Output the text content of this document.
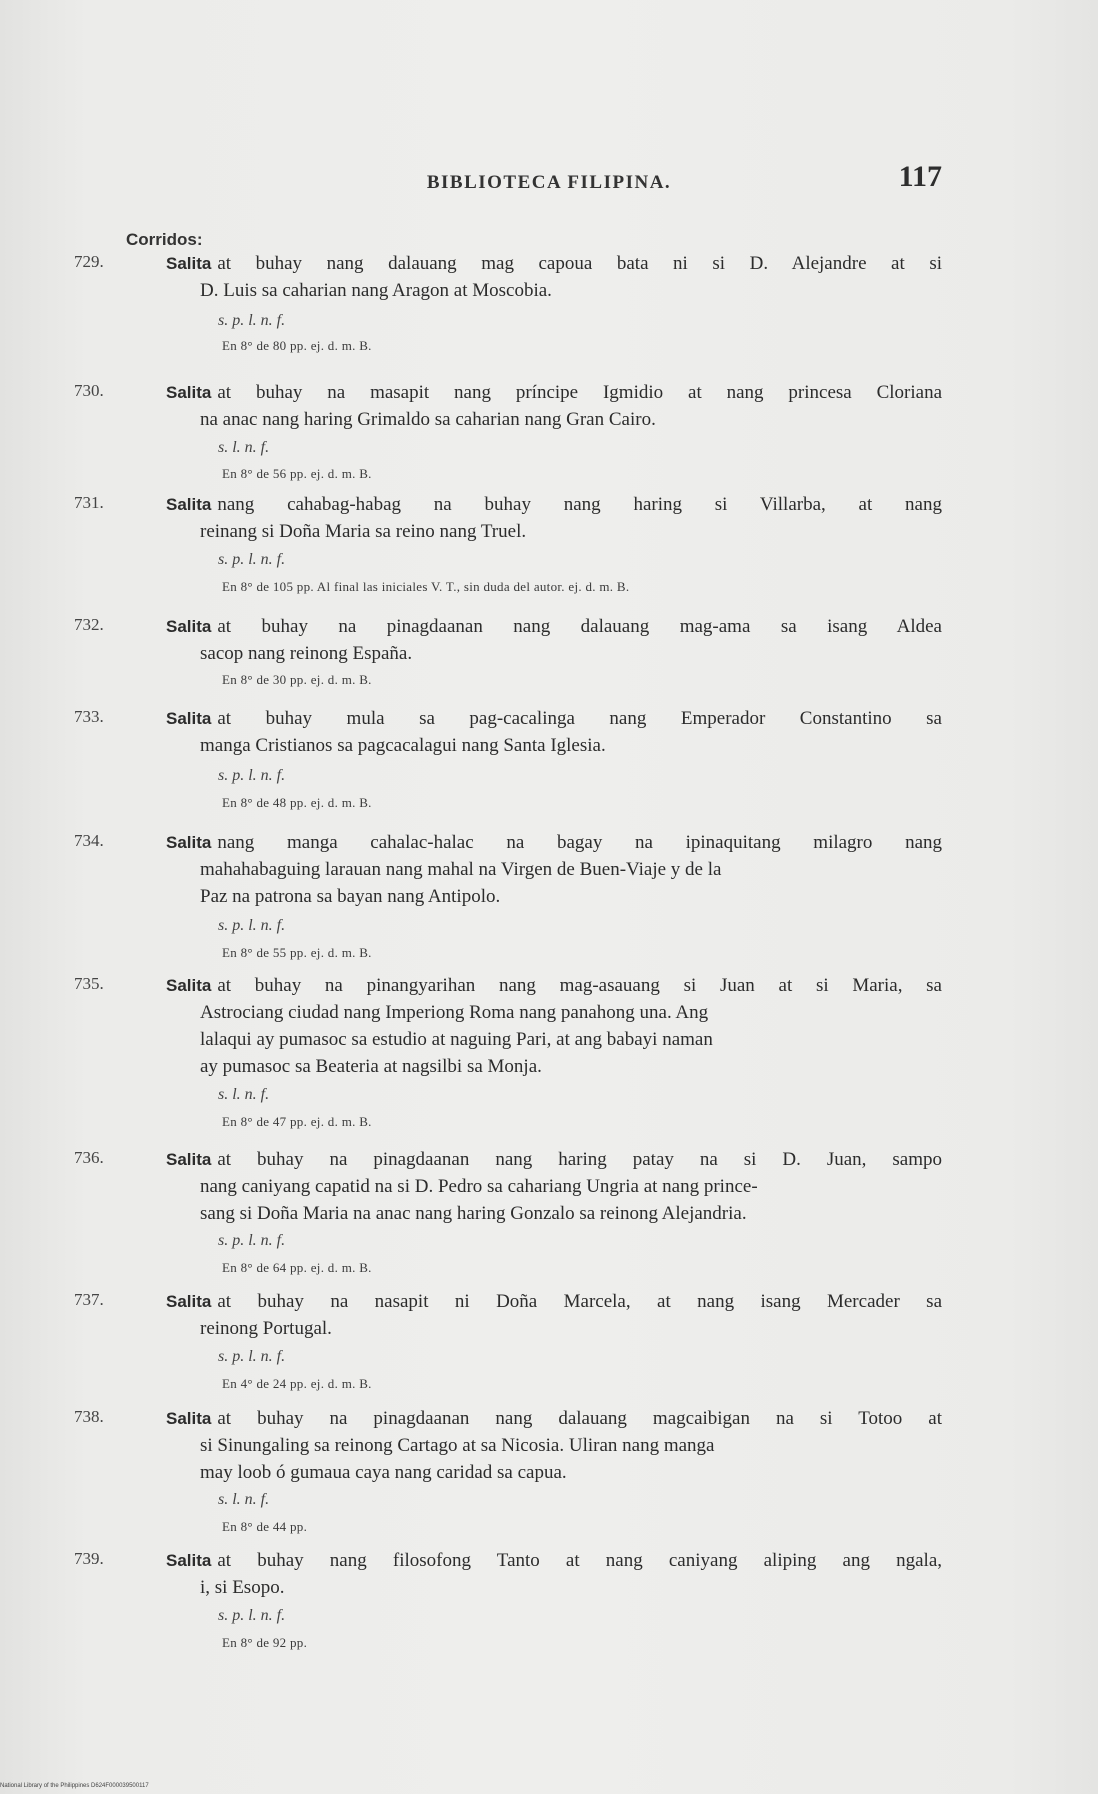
BIBLIOTECA FILIPINA.	117
Corridos:
729.	Salita at buhay nang dalauang mag capoua bata ni si D. Alejandre at si
D. Luis sa caharian nang Aragon at Moscobia.
s. p. l. n. f.
En 8° de 80 pp. ej. d. m. B.
730.	Salita at buhay na masapit nang príncipe Igmidio at nang princesa Cloriana
na anac nang haring Grimaldo sa caharian nang Gran Cairo.
s. l. n. f.
En 8° de 56 pp. ej. d. m. B.
731.	Salita nang cahabag-habag na buhay nang haring si Villarba, at nang
reinang si Doña Maria sa reino nang Truel.
s. p. l. n. f.
En 8° de 105 pp. Al final las iniciales V. T., sin duda del autor. ej. d. m. B.
732.	Salita at buhay na pinagdaanan nang dalauang mag-ama sa isang Aldea
sacop nang reinong España.
En 8° de 30 pp. ej. d. m. B.
733.	Salita at buhay mula sa pag-cacalinga nang Emperador Constantino sa
manga Cristianos sa pagcacalagui nang Santa Iglesia.
s. p. l. n. f.
En 8° de 48 pp. ej. d. m. B.
734.	Salita nang manga cahalac-halac na bagay na ipinaquitang milagro nang
mahahabaguing larauan nang mahal na Virgen de Buen-Viaje y de la
Paz na patrona sa bayan nang Antipolo.
s. p. l. n. f.
En 8° de 55 pp. ej. d. m. B.
735.	Salita at buhay na pinangyarihan nang mag-asauang si Juan at si Maria, sa
Astrociang ciudad nang Imperiong Roma nang panahong una. Ang
lalaqui ay pumasoc sa estudio at naguing Pari, at ang babayi naman
ay pumasoc sa Beateria at nagsilbi sa Monja.
s. l. n. f.
En 8° de 47 pp. ej. d. m. B.
736.	Salita at buhay na pinagdaanan nang haring patay na si D. Juan, sampo
nang caniyang capatid na si D. Pedro sa cahariang Ungria at nang prince-
sang si Doña Maria na anac nang haring Gonzalo sa reinong Alejandria.
s. p. l. n. f.
En 8° de 64 pp. ej. d. m. B.
737.	Salita at buhay na nasapit ni Doña Marcela, at nang isang Mercader sa
reinong Portugal.
s. p. l. n. f.
En 4° de 24 pp. ej. d. m. B.
738.	Salita at buhay na pinagdaanan nang dalauang magcaibigan na si Totoo at
si Sinungaling sa reinong Cartago at sa Nicosia. Uliran nang manga
may loob ó gumaua caya nang caridad sa capua.
s. l. n. f.
En 8° de 44 pp.
739.	Salita at buhay nang filosofong Tanto at nang caniyang aliping ang ngala,
i, si Esopo.
s. p. l. n. f.
En 8° de 92 pp.
National Library of the Philippines D624F000039500117
